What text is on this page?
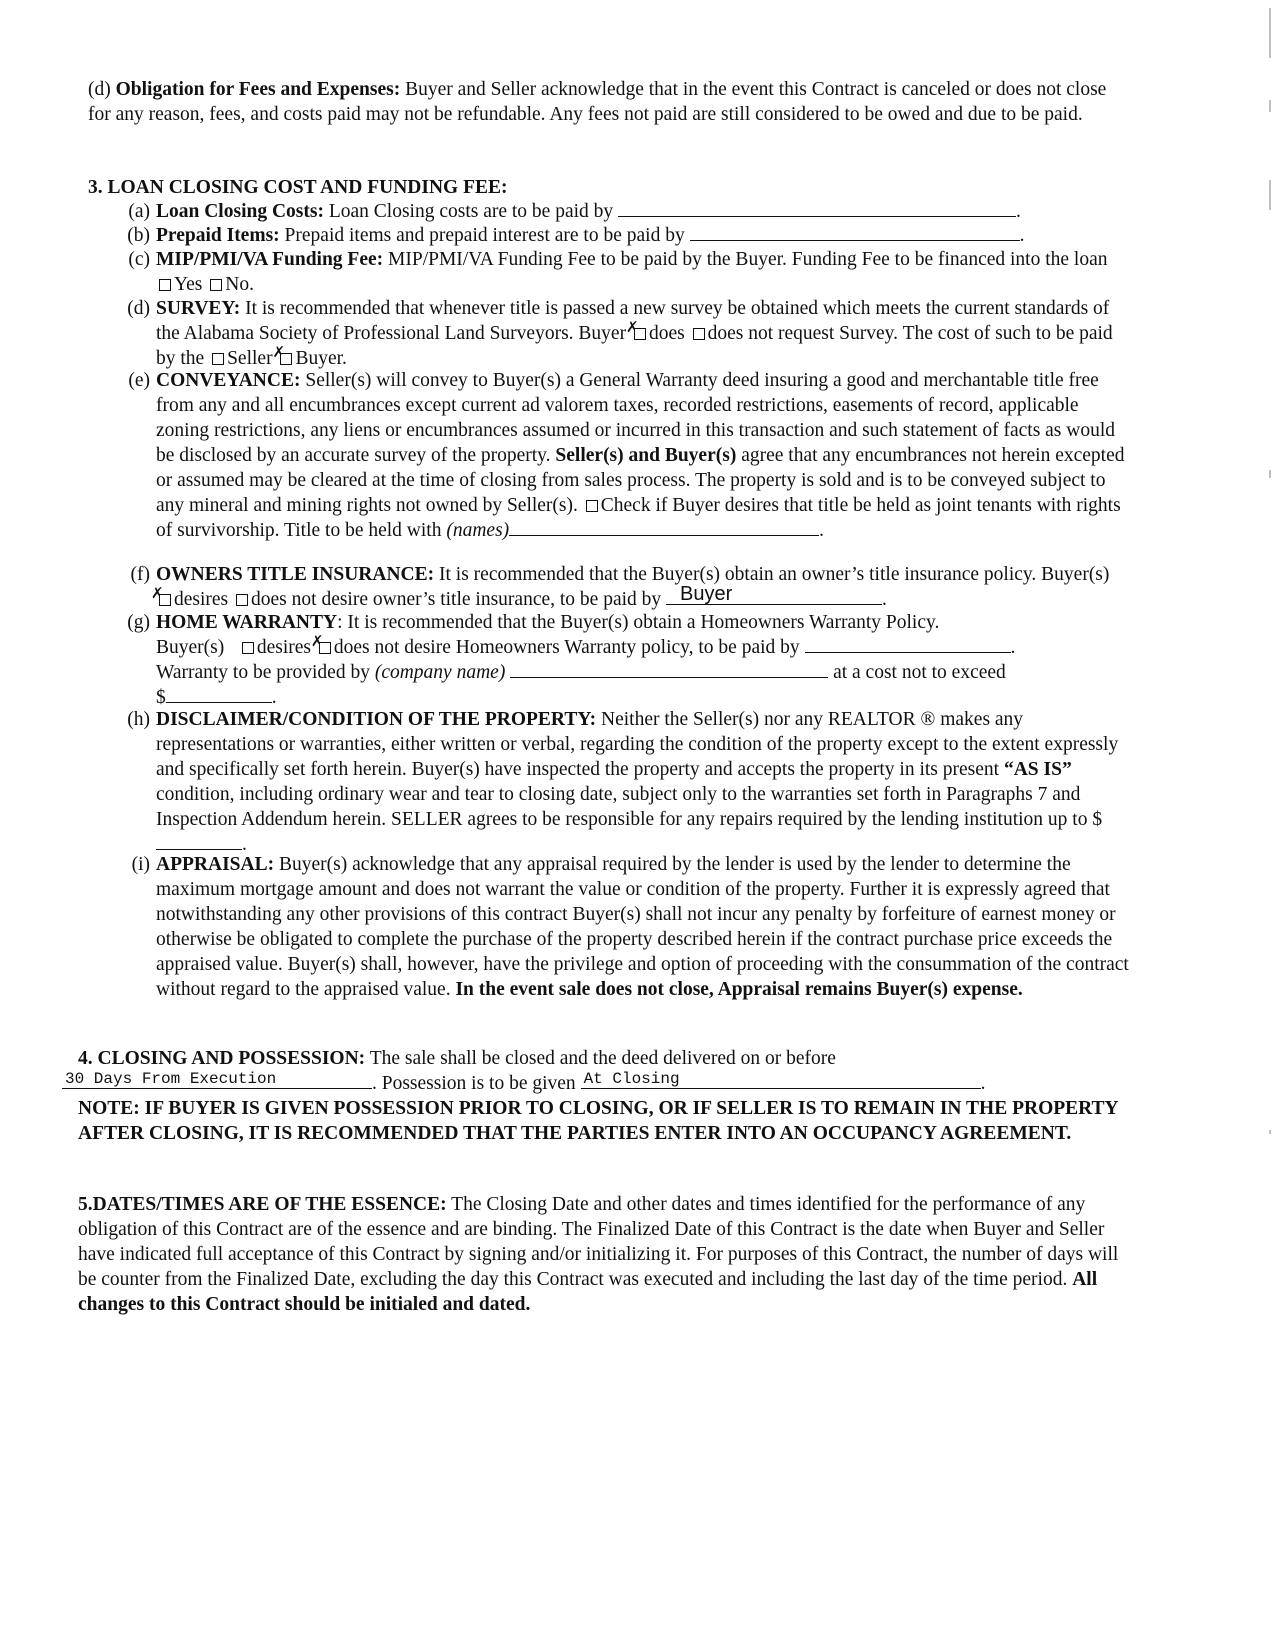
(d) Obligation for Fees and Expenses: Buyer and Seller acknowledge that in the event this Contract is canceled or does not close for any reason, fees, and costs paid may not be refundable. Any fees not paid are still considered to be owed and due to be paid.
3. LOAN CLOSING COST AND FUNDING FEE:
(a) Loan Closing Costs: Loan Closing costs are to be paid by	.
(b) Prepaid Items: Prepaid items and prepaid interest are to be paid by	.
(c) MIP/PMI/VA Funding Fee: MIP/PMI/VA Funding Fee to be paid by the Buyer. Funding Fee to be financed into the loan Yes No.
(d) SURVEY: It is recommended that whenever title is passed a new survey be obtained which meets the current standards of the Alabama Society of Professional Land Surveyors. Buyer ✗ does does not request Survey. The cost of such to be paid by the Seller ✗ Buyer.
(e) CONVEYANCE: Seller(s) will convey to Buyer(s) a General Warranty deed insuring a good and merchantable title free from any and all encumbrances except current ad valorem taxes, recorded restrictions, easements of record, applicable zoning restrictions, any liens or encumbrances assumed or incurred in this transaction and such statement of facts as would be disclosed by an accurate survey of the property. Seller(s) and Buyer(s) agree that any encumbrances not herein excepted or assumed may be cleared at the time of closing from sales process. The property is sold and is to be conveyed subject to any mineral and mining rights not owned by Seller(s). Check if Buyer desires that title be held as joint tenants with rights of survivorship. Title to be held with (names)	.
(f) OWNERS TITLE INSURANCE: It is recommended that the Buyer(s) obtain an owner’s title insurance policy. Buyer(s) ✗desires does not desire owner’s title insurance, to be paid by Buyer	.
(g) HOME WARRANTY: It is recommended that the Buyer(s) obtain a Homeowners Warranty Policy.
Buyer(s) desires ✗ does not desire Homeowners Warranty policy, to be paid by	.
Warranty to be provided by (company name)	at a cost not to exceed
$	.
(h) DISCLAIMER/CONDITION OF THE PROPERTY: Neither the Seller(s) nor any REALTOR ® makes any representations or warranties, either written or verbal, regarding the condition of the property except to the extent expressly and specifically set forth herein. Buyer(s) have inspected the property and accepts the property in its present “AS IS” condition, including ordinary wear and tear to closing date, subject only to the warranties set forth in Paragraphs 7 and Inspection Addendum herein. SELLER agrees to be responsible for any repairs required by the lending institution up to $.
(i) APPRAISAL: Buyer(s) acknowledge that any appraisal required by the lender is used by the lender to determine the maximum mortgage amount and does not warrant the value or condition of the property. Further it is expressly agreed that notwithstanding any other provisions of this contract Buyer(s) shall not incur any penalty by forfeiture of earnest money or otherwise be obligated to complete the purchase of the property described herein if the contract purchase price exceeds the appraised value. Buyer(s) shall, however, have the privilege and option of proceeding with the consummation of the contract without regard to the appraised value. In the event sale does not close, Appraisal remains Buyer(s) expense.
4. CLOSING AND POSSESSION: The sale shall be closed and the deed delivered on or before
30 Days From Execution	. Possession is to be given At Closing	.
NOTE: IF BUYER IS GIVEN POSSESSION PRIOR TO CLOSING, OR IF SELLER IS TO REMAIN IN THE PROPERTY AFTER CLOSING, IT IS RECOMMENDED THAT THE PARTIES ENTER INTO AN OCCUPANCY AGREEMENT.
5.DATES/TIMES ARE OF THE ESSENCE: The Closing Date and other dates and times identified for the performance of any obligation of this Contract are of the essence and are binding. The Finalized Date of this Contract is the date when Buyer and Seller have indicated full acceptance of this Contract by signing and/or initializing it. For purposes of this Contract, the number of days will be counter from the Finalized Date, excluding the day this Contract was executed and including the last day of the time period. All changes to this Contract should be initialed and dated.
